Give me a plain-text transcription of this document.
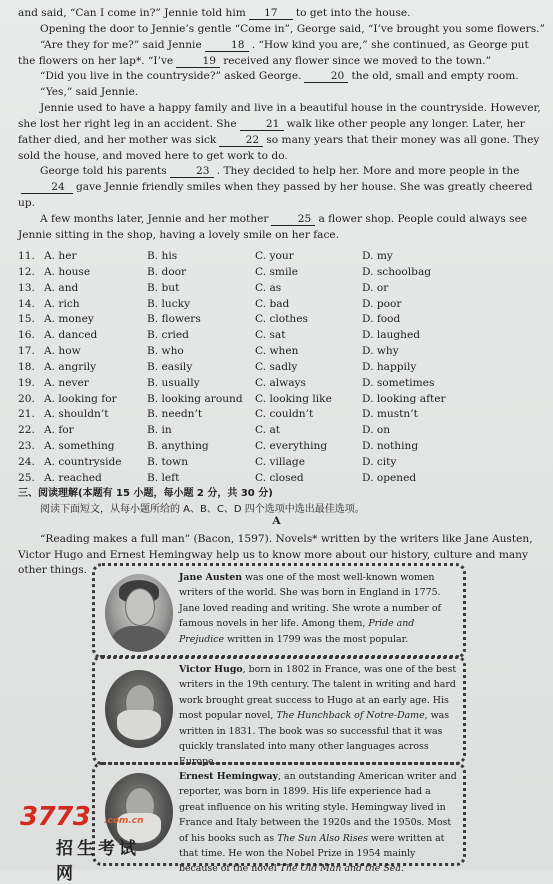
and said, “Can I come in?” Jennie told him 17 to get into the house.

Opening the door to Jennie’s gentle “Come in”, George said, “I’ve brought you some flowers.”

“Are they for me?” said Jennie	18 . “How kind you are,” she continued, as George put the flowers on her lap*. “I’ve	19 received any flower since we moved to the town.”

“Did you live in the countryside?” asked George.	20 the old, small and empty room.

“Yes,” said Jennie.

Jennie used to have a happy family and live in a beautiful house in the countryside. However, she lost her right leg in an accident. She	21 walk like other people any longer. Later, her father died, and her mother was sick	22 so many years that their money was all gone. They sold the house, and moved here to get work to do.

George told his parents	23 . They decided to help her. More and more people in the24 gave Jennie friendly smiles when they passed by her house. She was greatly cheered up.

A few months later, Jennie and her mother	25 a flower shop. People could always see Jennie sitting in the shop, having a lovely smile on her face.

11. A. her	B. his	C. your	D. my
12. A. house	B. door	C. smile	D. schoolbag
13. A. and	B. but	C. as	D. or
14. A. rich	B. lucky	C. bad	D. poor
15. A. money	B. flowers	C. clothes	D. food
16. A. danced	B. cried	C. sat	D. laughed
17. A. how	B. who	C. when	D. why
18. A. angrily	B. easily	C. sadly	D. happily
19. A. never	B. usually	C. always	D. sometimes
20. A. looking for	B. looking around	C. looking like	D. looking after
21. A. shouldn’t	B. needn’t	C. couldn’t	D. mustn’t
22. A. for	B. in	C. at	D. on
23. A. something	B. anything	C. everything	D. nothing
24. A. countryside	B. town	C. village	D. city
25. A. reached	B. left	C. closed	D. opened
三、阅读理解(本题有 15 小题，每小题 2 分，共 30 分)
阅读下面短文，从每小题所给的 A、B、C、D 四个选项中选出最佳选项。
A
“Reading makes a full man” (Bacon, 1597). Novels* written by the writers like Jane Austen, Victor Hugo and Ernest Hemingway help us to know more about our history, culture and many other things.
Jane Austen was one of the most well-known women writers of the world. She was born in England in 1775. Jane loved reading and writing. She wrote a number of famous novels in her life. Among them, Pride and Prejudice written in 1799 was the most popular.
Victor Hugo, born in 1802 in France, was one of the best writers in the 19th century. The talent in writing and hard work brought great success to Hugo at an early age. His most popular novel, The Hunchback of Notre-Dame, was written in 1831. The book was so successful that it was quickly translated into many other languages across Europe.
Ernest Hemingway, an outstanding American writer and reporter, was born in 1899. His life experience had a great influence on his writing style. Hemingway lived in France and Italy between the 1920s and the 1950s. Most of his books such as The Sun Also Rises were written at that time. He won the Nobel Prize in 1954 mainly because of the novel The Old Man and the Sea.
3773 .com.cn
招生考试网
